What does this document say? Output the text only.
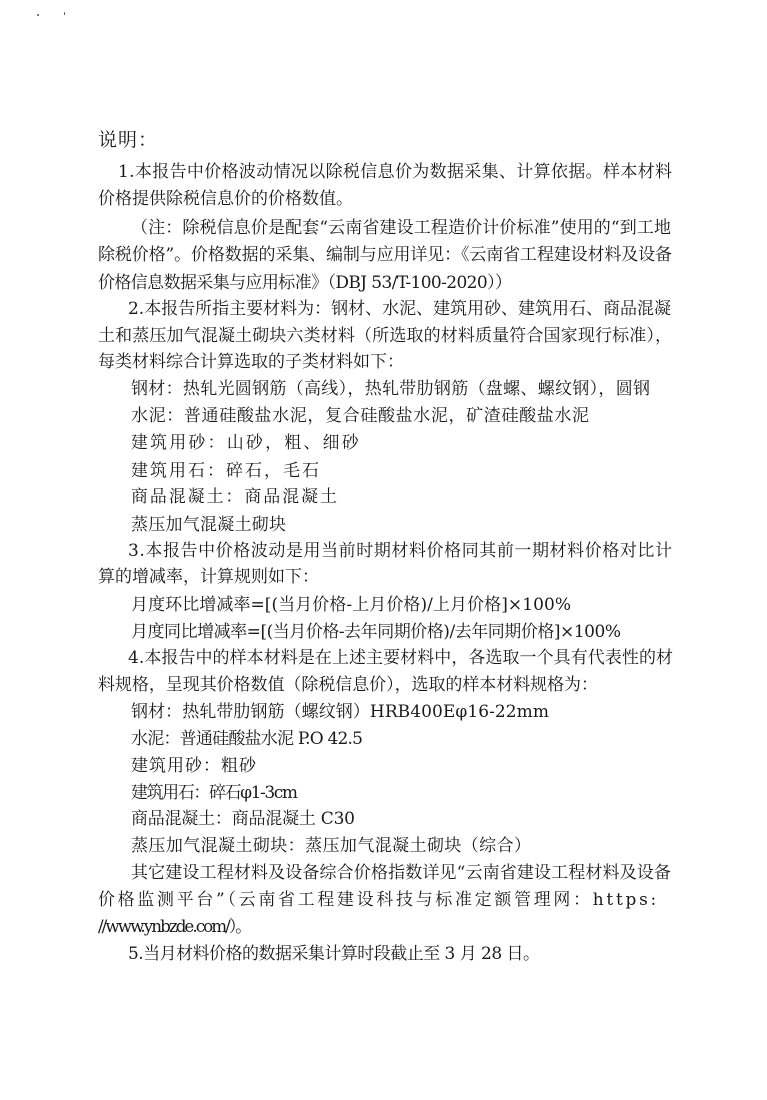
说明：
1.本报告中价格波动情况以除税信息价为数据采集、计算依据。样本材料
价格提供除税信息价的价格数值。
（注：除税信息价是配套“云南省建设工程造价计价标准”使用的“到工地
除税价格”。价格数据的采集、编制与应用详见：《云南省工程建设材料及设备
价格信息数据采集与应用标准》（DBJ 53/T-100-2020））
2.本报告所指主要材料为：钢材、水泥、建筑用砂、建筑用石、商品混凝
土和蒸压加气混凝土砌块六类材料（所选取的材料质量符合国家现行标准），
每类材料综合计算选取的子类材料如下：
钢材：热轧光圆钢筋（高线），热轧带肋钢筋（盘螺、螺纹钢），圆钢
水泥：普通硅酸盐水泥，复合硅酸盐水泥，矿渣硅酸盐水泥
建筑用砂：山砂，粗、细砂
建筑用石：碎石，毛石
商品混凝土：商品混凝土
蒸压加气混凝土砌块
3.本报告中价格波动是用当前时期材料价格同其前一期材料价格对比计
算的增减率，计算规则如下：
月度环比增减率=[(当月价格-上月价格)/上月价格]×100%
月度同比增减率=[(当月价格-去年同期价格)/去年同期价格]×100%
4.本报告中的样本材料是在上述主要材料中，各选取一个具有代表性的材
料规格，呈现其价格数值（除税信息价），选取的样本材料规格为：
钢材：热轧带肋钢筋（螺纹钢）HRB400Eφ16-22mm
水泥：普通硅酸盐水泥 P.O 42.5
建筑用砂：粗砂
建筑用石：碎石φ1-3cm
商品混凝土：商品混凝土 C30
蒸压加气混凝土砌块：蒸压加气混凝土砌块（综合）
其它建设工程材料及设备综合价格指数详见“云南省建设工程材料及设备
价格监测平台”（云南省工程建设科技与标准定额管理网：https:
//www.ynbzde.com/）。
5.当月材料价格的数据采集计算时段截止至 3 月 28 日。
